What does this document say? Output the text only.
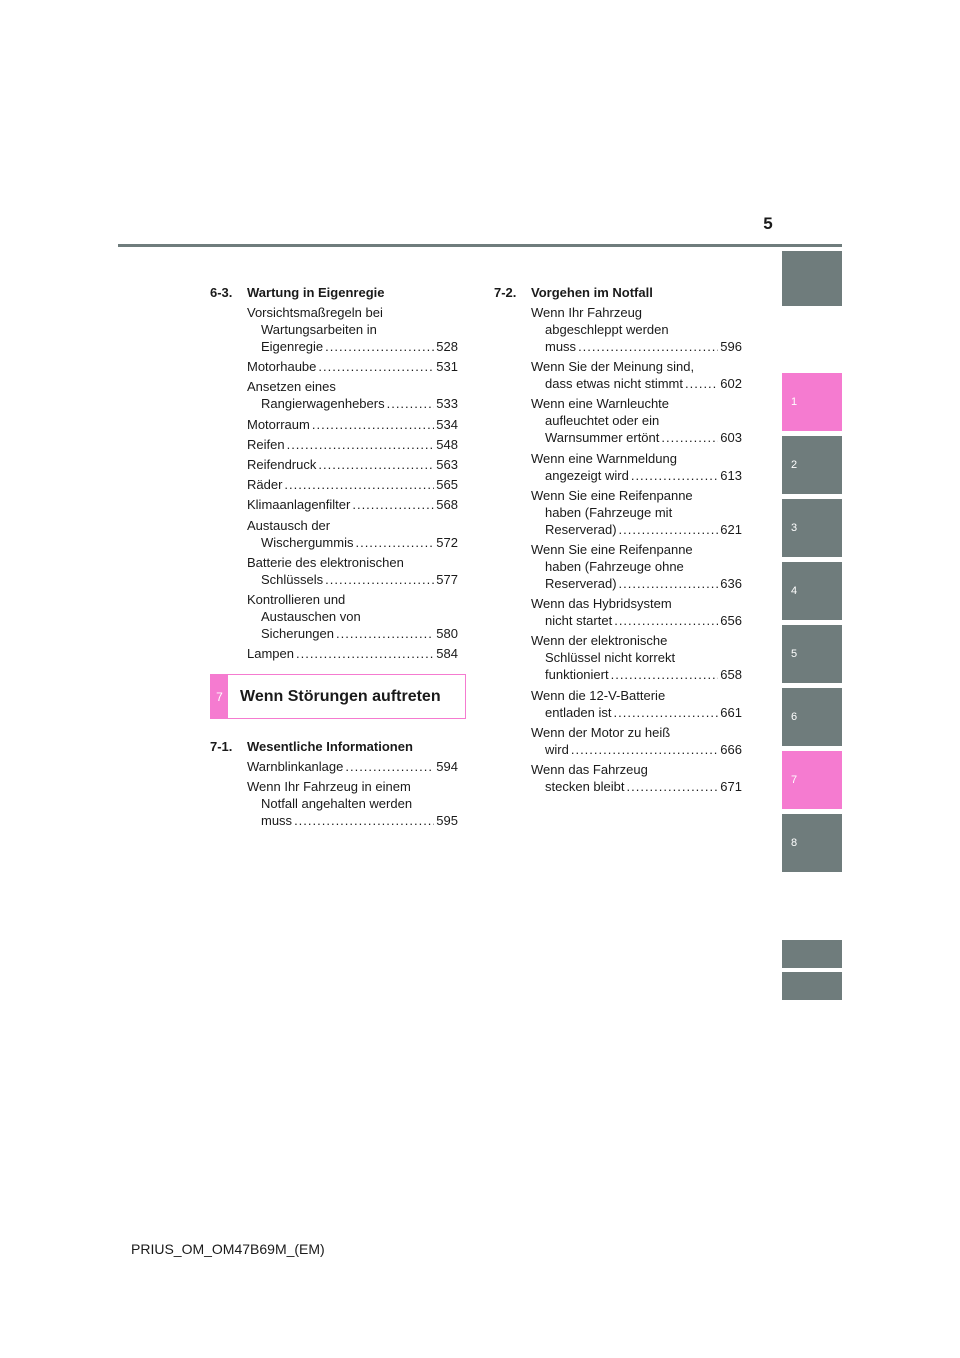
5
1
2
3
4
5
6
7
8
6-3.	Wartung in Eigenregie
Vorsichtsmaßregeln bei
Wartungsarbeiten in
Eigenregie .....	528
Motorhaube .....	531
Ansetzen eines
Rangierwagenhebers .....	533
Motorraum .....	534
Reifen .....	548
Reifendruck .....	563
Räder .....	565
Klimaanlagenfilter .....	568
Austausch der
Wischergummis .....	572
Batterie des elektronischen
Schlüssels .....	577
Kontrollieren und
Austauschen von
Sicherungen .....	580
Lampen .....	584
7	Wenn Störungen auftreten
7-1.	Wesentliche Informationen
Warnblinkanlage .....	594
Wenn Ihr Fahrzeug in einem
Notfall angehalten werden
muss .....	595
7-2.	Vorgehen im Notfall
Wenn Ihr Fahrzeug
abgeschleppt werden
muss .....	596
Wenn Sie der Meinung sind,
dass etwas nicht stimmt .....	602
Wenn eine Warnleuchte
aufleuchtet oder ein
Warnsummer ertönt .....	603
Wenn eine Warnmeldung
angezeigt wird .....	613
Wenn Sie eine Reifenpanne
haben (Fahrzeuge mit
Reserverad) .....	621
Wenn Sie eine Reifenpanne
haben (Fahrzeuge ohne
Reserverad) .....	636
Wenn das Hybridsystem
nicht startet .....	656
Wenn der elektronische
Schlüssel nicht korrekt
funktioniert .....	658
Wenn die 12-V-Batterie
entladen ist .....	661
Wenn der Motor zu heiß
wird .....	666
Wenn das Fahrzeug
stecken bleibt .....	671
PRIUS_OM_OM47B69M_(EM)
